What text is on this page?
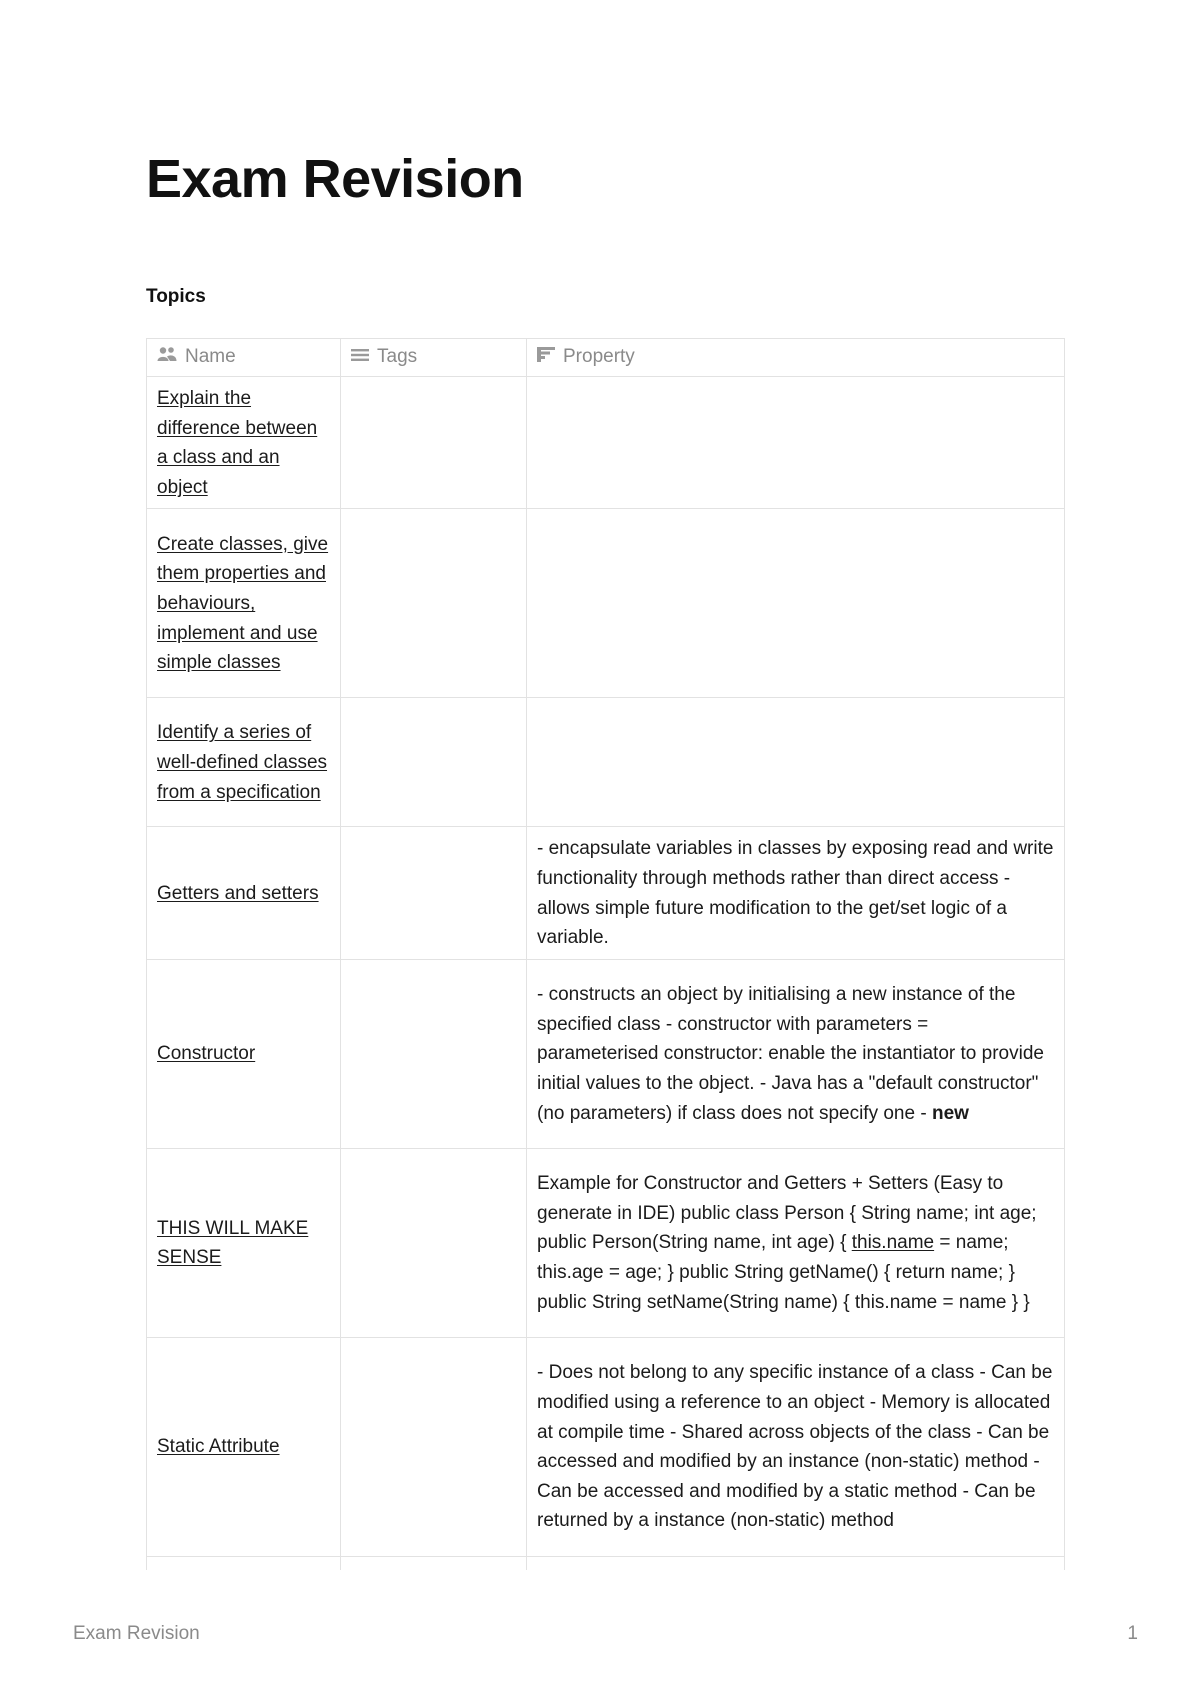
Exam Revision
Topics
Name	Tags	Property
Explain the difference between a class and an object		
Create classes, give them properties and behaviours, implement and use simple classes		
Identify a series of well-defined classes from a specification		
Getters and setters		- encapsulate variables in classes by exposing read and write functionality through methods rather than direct access - allows simple future modification to the get/set logic of a variable.
Constructor		- constructs an object by initialising a new instance of the specified class - constructor with parameters = parameterised constructor: enable the instantiator to provide initial values to the object. - Java has a "default constructor" (no parameters) if class does not specify one - new
THIS WILL MAKE SENSE		Example for Constructor and Getters + Setters (Easy to generate in IDE) public class Person { String name; int age; public Person(String name, int age) { this.name = name; this.age = age; } public String getName() { return name; } public String setName(String name) { this.name = name } }
Static Attribute		- Does not belong to any specific instance of a class - Can be modified using a reference to an object - Memory is allocated at compile time - Shared across objects of the class - Can be accessed and modified by an instance (non-static) method - Can be accessed and modified by a static method - Can be returned by a instance (non-static) method

Exam Revision	1
